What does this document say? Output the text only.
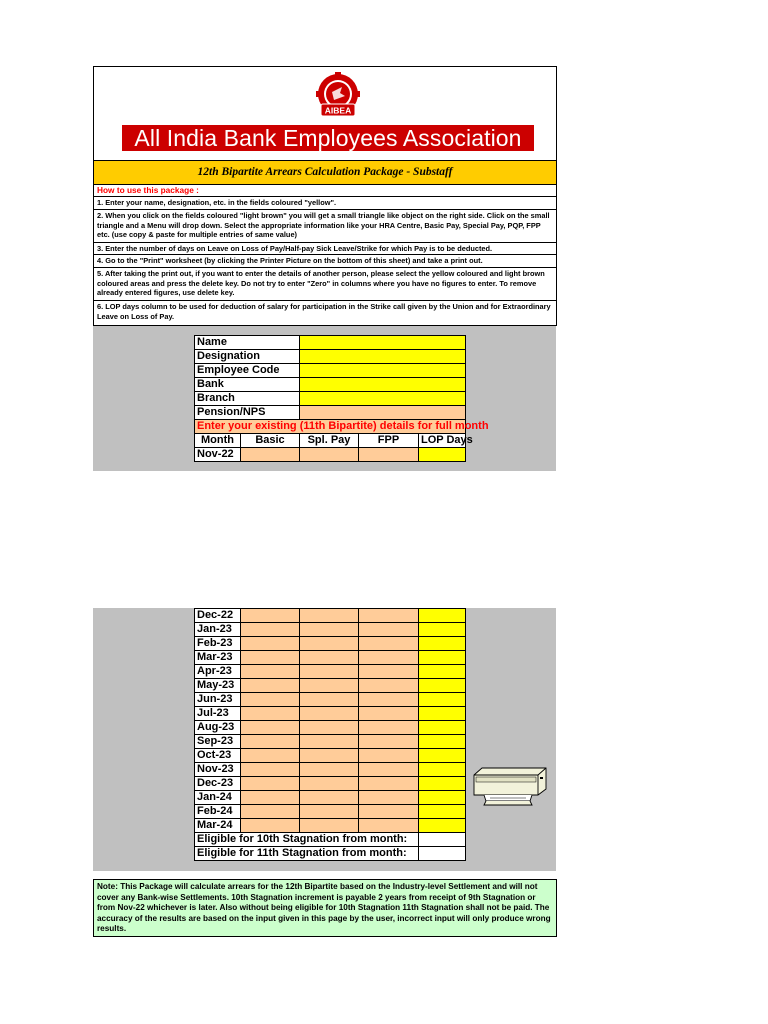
AIBEA
All India Bank Employees Association
12th Bipartite Arrears Calculation Package - Substaff
How to use this package :
1. Enter your name, designation, etc. in the fields coloured "yellow".
2. When you click on the fields coloured "light brown" you will get a small triangle like object on the right side. Click on the small triangle and a Menu will drop down. Select the appropriate information like your HRA Centre, Basic Pay, Special Pay, PQP, FPP etc. (use copy & paste for multiple entries of same value)
3. Enter the number of days on Leave on Loss of Pay/Half-pay Sick Leave/Strike for which Pay is to be deducted.
4. Go to the "Print" worksheet (by clicking the Printer Picture on the bottom of this sheet) and take a print out.
5. After taking the print out, if you want to enter the details of another person, please select the yellow coloured and light brown coloured areas and press the delete key. Do not try to enter "Zero" in columns where you have no figures to enter. To remove already entered figures, use delete key.
6. LOP days column to be used for deduction of salary for participation in the Strike call given by the Union and for Extraordinary Leave on Loss of Pay.
Name				
Designation				
Employee Code				
Bank				
Branch				
Pension/NPS				
Enter your existing (11th Bipartite) details for full month				
Month	Basic	Spl. Pay	FPP	LOP Days
Nov-22				
Dec-22				
Jan-23				
Feb-23				
Mar-23				
Apr-23				
May-23				
Jun-23				
Jul-23				
Aug-23				
Sep-23				
Oct-23				
Nov-23				
Dec-23				
Jan-24				
Feb-24				
Mar-24				
Eligible for 10th Stagnation from month:				
Eligible for 11th Stagnation from month:				
Note: This Package will calculate arrears for the 12th Bipartite based on the Industry-level Settlement and will not cover any Bank-wise Settlements. 10th Stagnation increment is payable 2 years from receipt of 9th Stagnation or from Nov-22 whichever is later. Also without being eligible for 10th Stagnation 11th Stagnation shall not be paid. The accuracy of the results are based on the input given in this page by the user, incorrect input will only produce wrong results.
